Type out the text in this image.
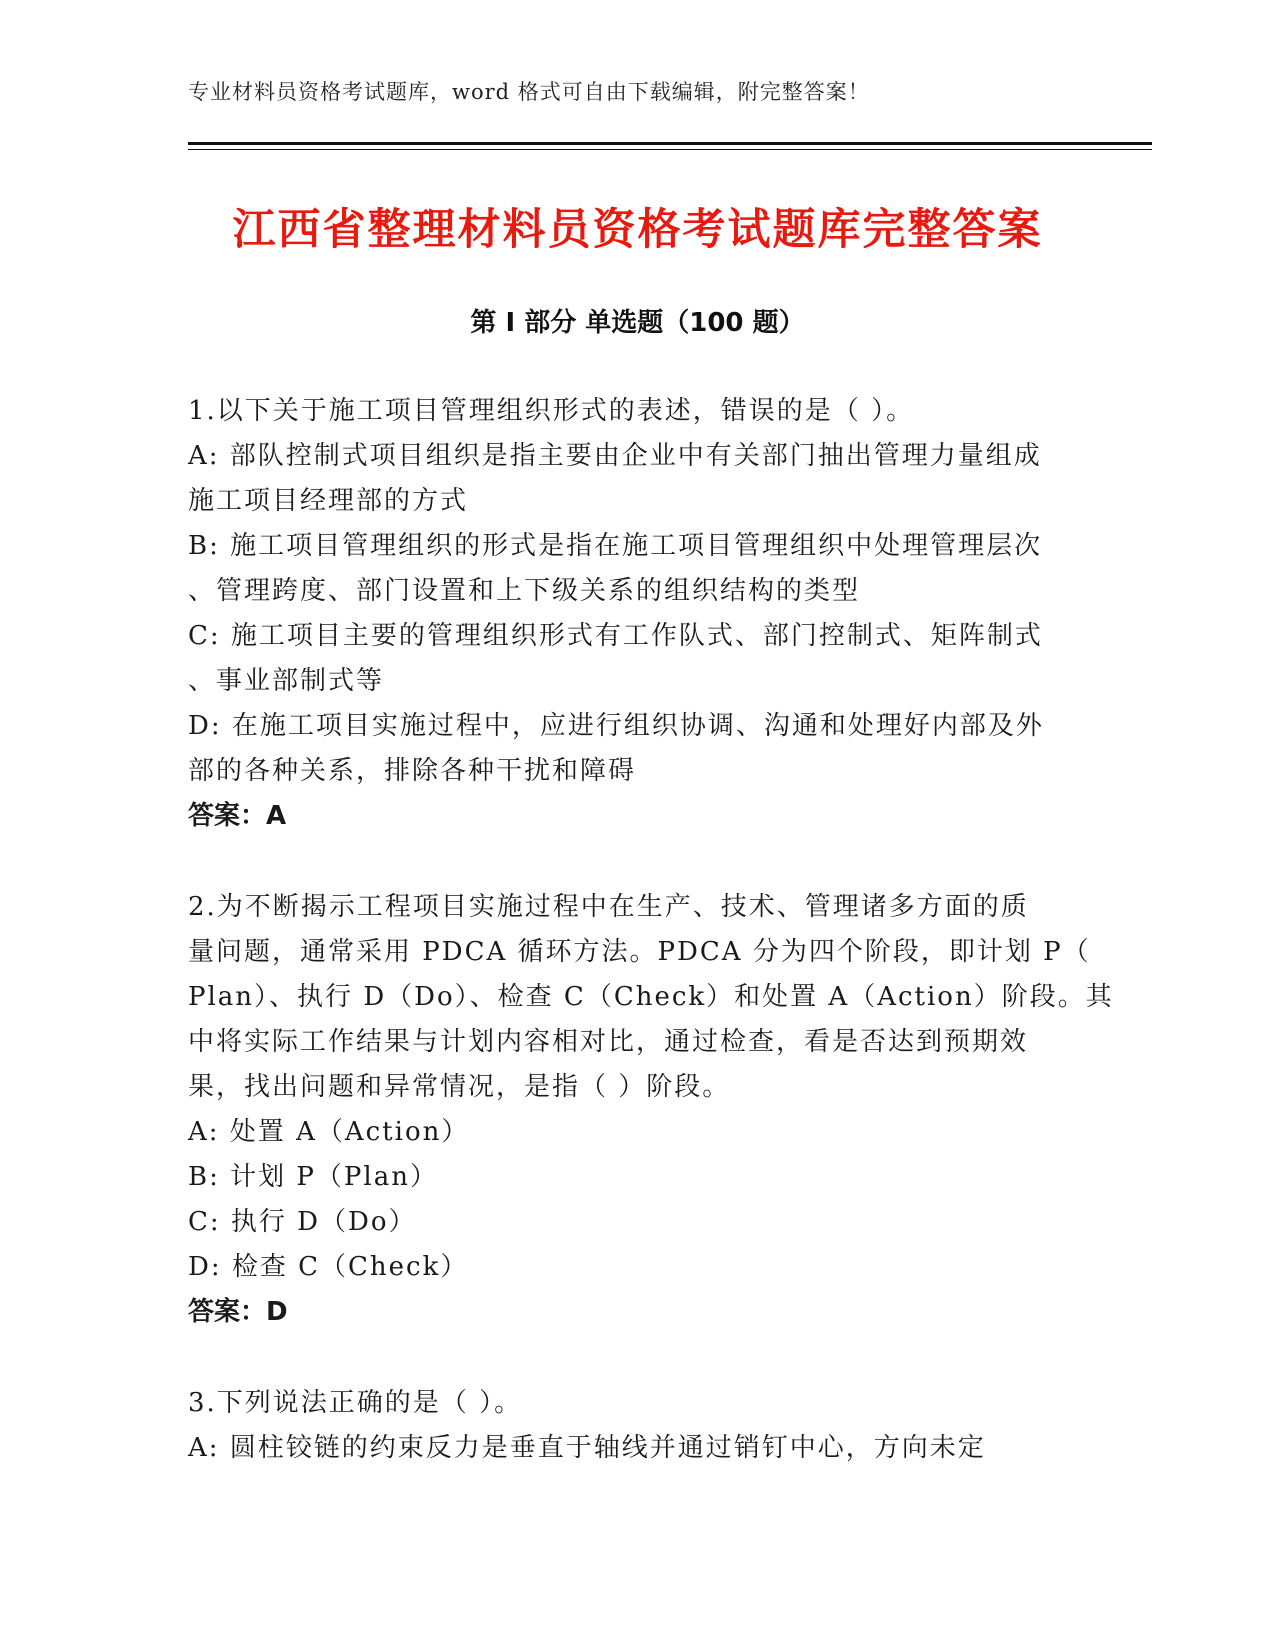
专业材料员资格考试题库，word 格式可自由下载编辑，附完整答案！
江西省整理材料员资格考试题库完整答案
第 I 部分 单选题（100 题）
1.以下关于施工项目管理组织形式的表述，错误的是（ ）。
A: 部队控制式项目组织是指主要由企业中有关部门抽出管理力量组成
施工项目经理部的方式
B: 施工项目管理组织的形式是指在施工项目管理组织中处理管理层次
、管理跨度、部门设置和上下级关系的组织结构的类型
C: 施工项目主要的管理组织形式有工作队式、部门控制式、矩阵制式
、事业部制式等
D: 在施工项目实施过程中，应进行组织协调、沟通和处理好内部及外
部的各种关系，排除各种干扰和障碍
答案：A
2.为不断揭示工程项目实施过程中在生产、技术、管理诸多方面的质
量问题，通常采用 PDCA 循环方法。PDCA 分为四个阶段，即计划 P（
Plan）、执行 D（Do）、检查 C（Check）和处置 A（Action）阶段。其
中将实际工作结果与计划内容相对比，通过检查，看是否达到预期效
果，找出问题和异常情况，是指（ ）阶段。
A: 处置 A（Action）
B: 计划 P（Plan）
C: 执行 D（Do）
D: 检查 C（Check）
答案：D
3.下列说法正确的是（ ）。
A: 圆柱铰链的约束反力是垂直于轴线并通过销钉中心，方向未定
